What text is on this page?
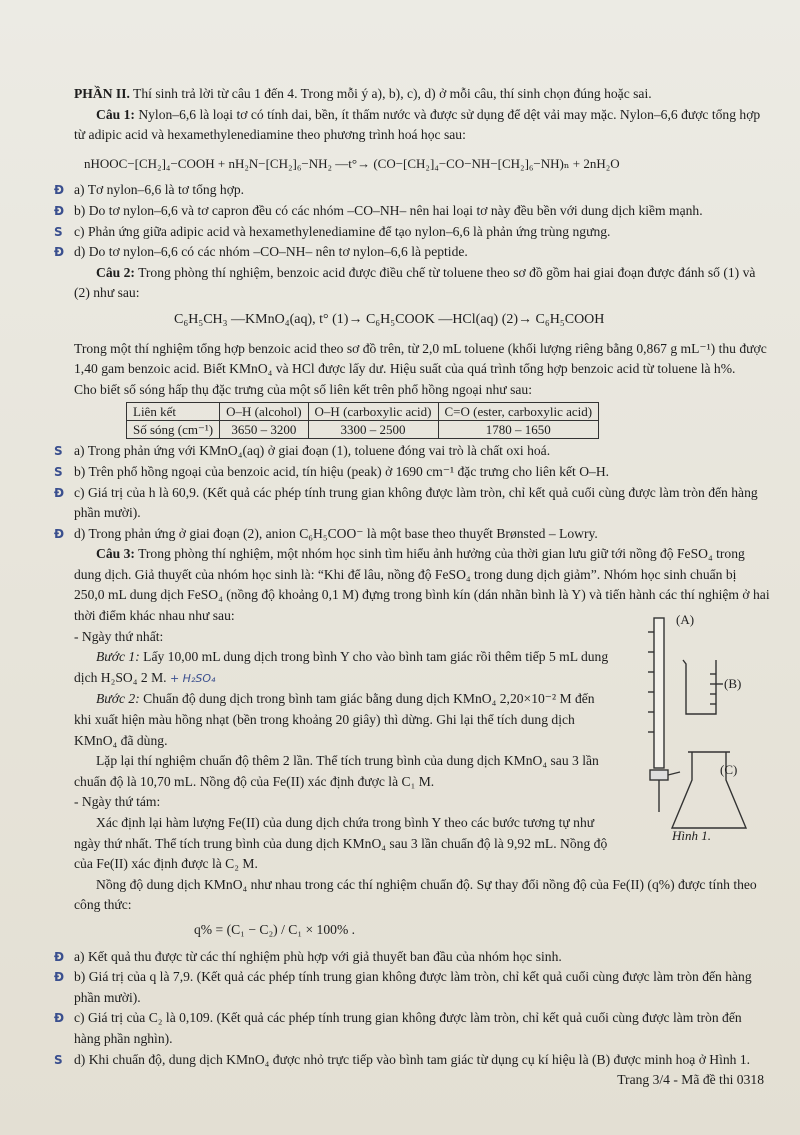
PHẦN II. Thí sinh trả lời từ câu 1 đến 4. Trong mỗi ý a), b), c), d) ở mỗi câu, thí sinh chọn đúng hoặc sai.

Câu 1: Nylon–6,6 là loại tơ có tính dai, bền, ít thấm nước và được sử dụng để dệt vải may mặc. Nylon–6,6 được tổng hợp từ adipic acid và hexamethylenediamine theo phương trình hoá học sau:

nHOOC−[CH₂]₄−COOH + nH₂N−[CH₂]₆−NH₂ —t°→ (CO−[CH₂]₄−CO−NH−[CH₂]₆−NH)ₙ + 2nH₂O

Đ a) Tơ nylon–6,6 là tơ tổng hợp.

Đ b) Do tơ nylon–6,6 và tơ capron đều có các nhóm –CO–NH– nên hai loại tơ này đều bền với dung dịch kiềm mạnh.

S c) Phản ứng giữa adipic acid và hexamethylenediamine để tạo nylon–6,6 là phản ứng trùng ngưng.

Đ d) Do tơ nylon–6,6 có các nhóm –CO–NH– nên tơ nylon–6,6 là peptide.

Câu 2: Trong phòng thí nghiệm, benzoic acid được điều chế từ toluene theo sơ đồ gồm hai giai đoạn được đánh số (1) và (2) như sau:

C₆H₅CH₃ —KMnO₄(aq), t° (1)→ C₆H₅COOK —HCl(aq) (2)→ C₆H₅COOH

Trong một thí nghiệm tổng hợp benzoic acid theo sơ đồ trên, từ 2,0 mL toluene (khối lượng riêng bằng 0,867 g mL⁻¹) thu được 1,40 gam benzoic acid. Biết KMnO₄ và HCl được lấy dư. Hiệu suất của quá trình tổng hợp benzoic acid từ toluene là h%.

Cho biết số sóng hấp thụ đặc trưng của một số liên kết trên phổ hồng ngoại như sau:

Liên kết	O–H (alcohol)	O–H (carboxylic acid)	C=O (ester, carboxylic acid)
Số sóng (cm⁻¹)	3650 – 3200	3300 – 2500	1780 – 1650

S a) Trong phản ứng với KMnO₄(aq) ở giai đoạn (1), toluene đóng vai trò là chất oxi hoá.

S b) Trên phổ hồng ngoại của benzoic acid, tín hiệu (peak) ở 1690 cm⁻¹ đặc trưng cho liên kết O–H.

Đ c) Giá trị của h là 60,9. (Kết quả các phép tính trung gian không được làm tròn, chỉ kết quả cuối cùng được làm tròn đến hàng phần mười).

Đ d) Trong phản ứng ở giai đoạn (2), anion C₆H₅COO⁻ là một base theo thuyết Brønsted – Lowry.

Câu 3: Trong phòng thí nghiệm, một nhóm học sinh tìm hiểu ảnh hưởng của thời gian lưu giữ tới nồng độ FeSO₄ trong dung dịch. Giả thuyết của nhóm học sinh là: “Khi để lâu, nồng độ FeSO₄ trong dung dịch giảm”. Nhóm học sinh chuẩn bị 250,0 mL dung dịch FeSO₄ (nồng độ khoảng 0,1 M) đựng trong bình kín (dán nhãn bình là Y) và tiến hành các thí nghiệm ở hai thời điểm khác nhau như sau:

- Ngày thứ nhất:

Bước 1: Lấy 10,00 mL dung dịch trong bình Y cho vào bình tam giác rồi thêm tiếp 5 mL dung dịch H₂SO₄ 2 M. + H₂SO₄

Bước 2: Chuẩn độ dung dịch trong bình tam giác bằng dung dịch KMnO₄ 2,20×10⁻² M đến khi xuất hiện màu hồng nhạt (bền trong khoảng 20 giây) thì dừng. Ghi lại thể tích dung dịch KMnO₄ đã dùng.

Lặp lại thí nghiệm chuẩn độ thêm 2 lần. Thể tích trung bình của dung dịch KMnO₄ sau 3 lần chuẩn độ là 10,70 mL. Nồng độ của Fe(II) xác định được là C₁ M.

- Ngày thứ tám:

Xác định lại hàm lượng Fe(II) của dung dịch chứa trong bình Y theo các bước tương tự như ngày thứ nhất. Thể tích trung bình của dung dịch KMnO₄ sau 3 lần chuẩn độ là 9,92 mL. Nồng độ của Fe(II) xác định được là C₂ M.

Nồng độ dung dịch KMnO₄ như nhau trong các thí nghiệm chuẩn độ. Sự thay đổi nồng độ của Fe(II) (q%) được tính theo công thức:

q% = (C₁ − C₂) / C₁ × 100% .

Đ a) Kết quả thu được từ các thí nghiệm phù hợp với giả thuyết ban đầu của nhóm học sinh.

Đ b) Giá trị của q là 7,9. (Kết quả các phép tính trung gian không được làm tròn, chỉ kết quả cuối cùng được làm tròn đến hàng phần mười).

Đ c) Giá trị của C₂ là 0,109. (Kết quả các phép tính trung gian không được làm tròn, chỉ kết quả cuối cùng được làm tròn đến hàng phần nghìn).

S d) Khi chuẩn độ, dung dịch KMnO₄ được nhỏ trực tiếp vào bình tam giác từ dụng cụ kí hiệu là (B) được minh hoạ ở Hình 1.

(A)
(B)
(C)
Hình 1.
Trang 3/4 - Mã đề thi 0318
